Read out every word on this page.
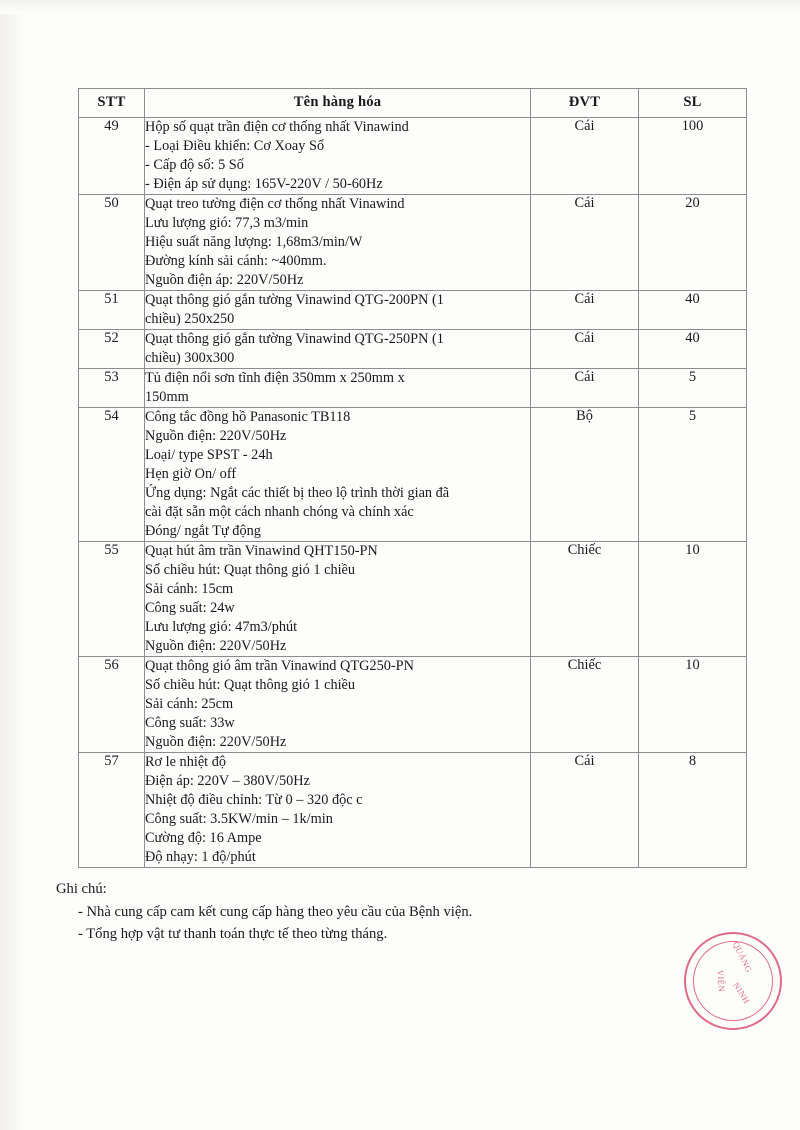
QUẢNG
VIỆN NINH
STT	Tên hàng hóa	ĐVT	SL
49	Hộp số quạt trần điện cơ thống nhất Vinawind
- Loại Điều khiển: Cơ Xoay Số
- Cấp độ số: 5 Số
- Điện áp sử dụng: 165V-220V / 50-60Hz	Cái	100
50	Quạt treo tường điện cơ thống nhất Vinawind
Lưu lượng gió: 77,3 m3/min
Hiệu suất năng lượng: 1,68m3/min/W
Đường kính sải cánh: ~400mm.
Nguồn điện áp: 220V/50Hz	Cái	20
51	Quạt thông gió gắn tường Vinawind QTG-200PN (1
chiều) 250x250	Cái	40
52	Quạt thông gió gắn tường Vinawind QTG-250PN (1
chiều) 300x300	Cái	40
53	Tủ điện nổi sơn tĩnh điện 350mm x 250mm x
150mm	Cái	5
54	Công tắc đồng hồ Panasonic TB118
Nguồn điện: 220V/50Hz
Loại/ type SPST - 24h
Hẹn giờ On/ off
Ứng dụng: Ngắt các thiết bị theo lộ trình thời gian đã
cài đặt sẵn một cách nhanh chóng và chính xác
Đóng/ ngắt Tự động
	Bộ	5
55	Quạt hút âm trần Vinawind QHT150-PN
Số chiều hút: Quạt thông gió 1 chiều
Sải cánh: 15cm
Công suất: 24w
Lưu lượng gió: 47m3/phút
Nguồn điện: 220V/50Hz
	Chiếc	10
56	Quạt thông gió âm trần Vinawind QTG250-PN
Số chiều hút: Quạt thông gió 1 chiều
Sải cánh: 25cm
Công suất: 33w
Nguồn điện: 220V/50Hz	Chiếc	10
57	Rơ le nhiệt độ
Điện áp: 220V – 380V/50Hz
Nhiệt độ điều chỉnh: Từ 0 – 320 độc c
Công suất: 3.5KW/min – 1k/min
Cường độ: 16 Ampe
Độ nhạy: 1 độ/phút
	Cái	8
Ghi chú:
- Nhà cung cấp cam kết cung cấp hàng theo yêu cầu của Bệnh viện.
- Tổng hợp vật tư thanh toán thực tế theo từng tháng.
